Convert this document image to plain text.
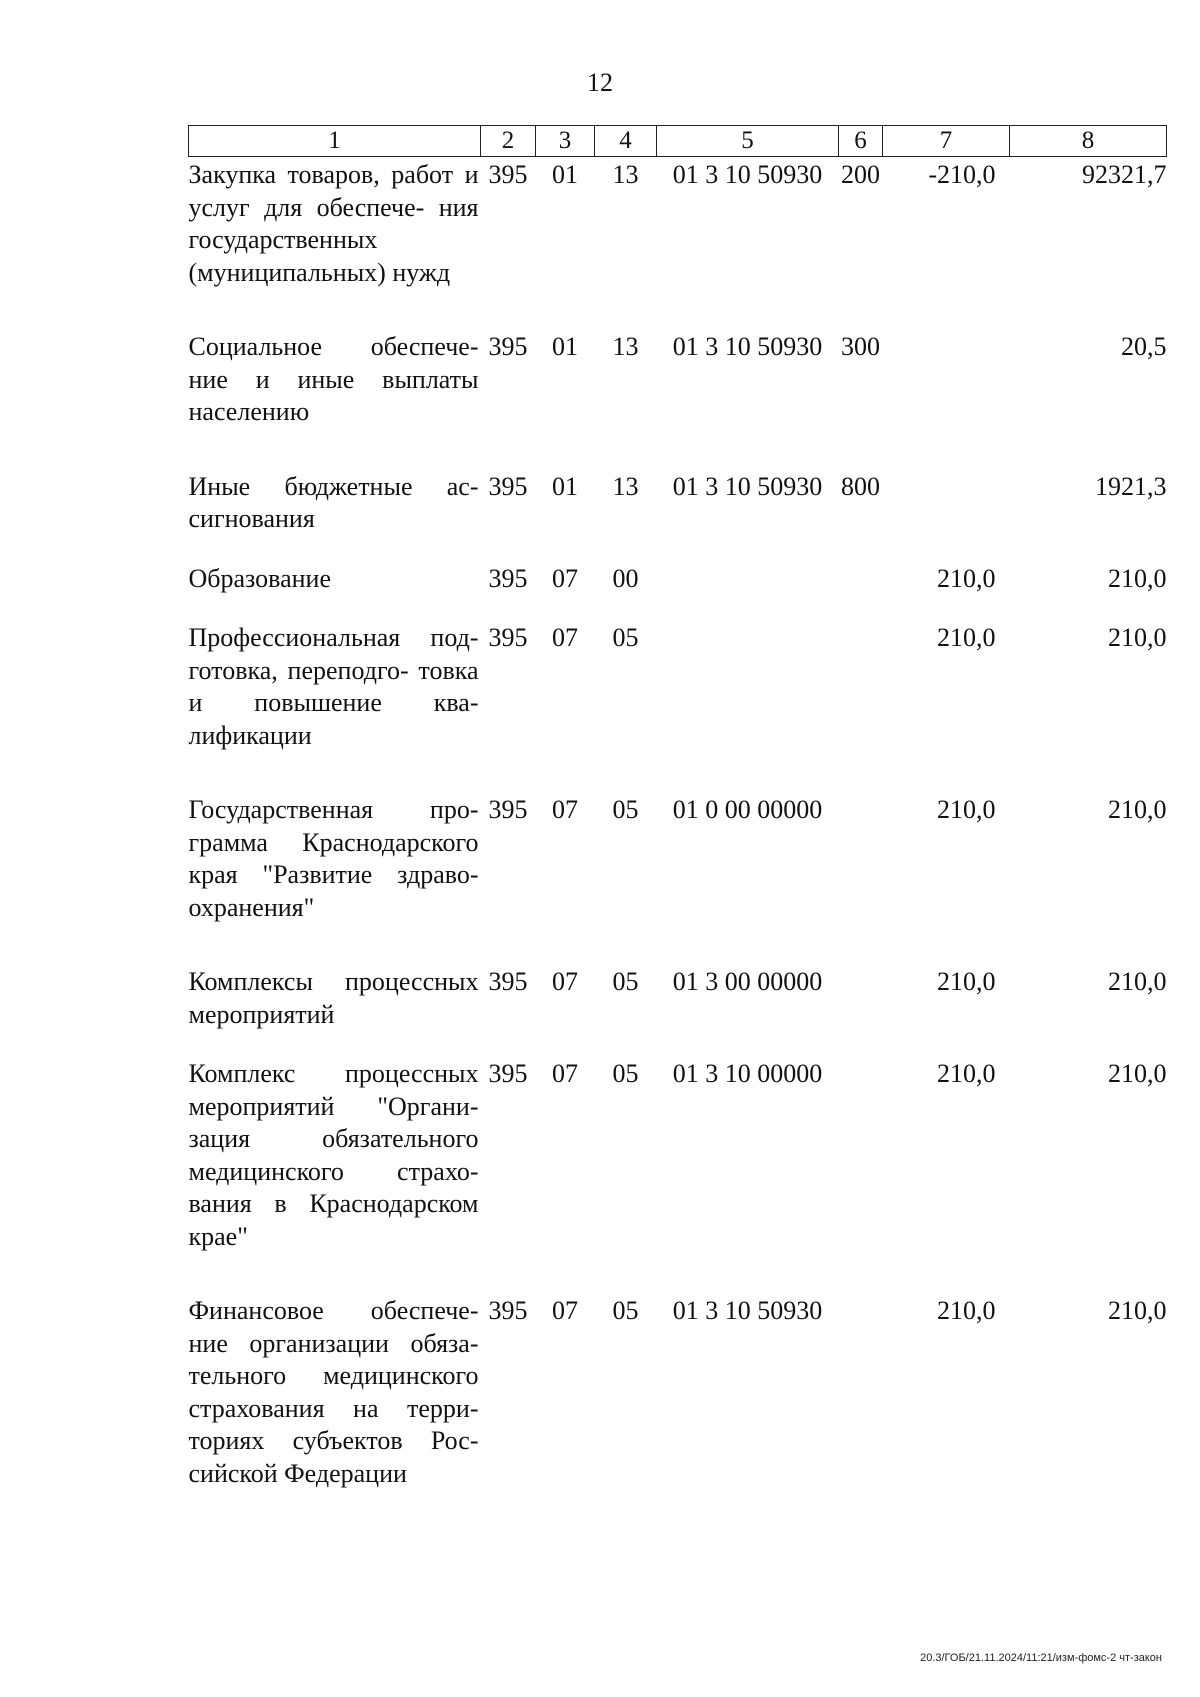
12
1	2	3	4	5	6	7	8
Закупка товаров, работ и услуг для обеспече- ния государственных (муниципальных) нужд	395	01	13	01 3 10 50930	200	-210,0	92321,7
Социальное обеспече- ние и иные выплаты населению	395	01	13	01 3 10 50930	300		20,5
Иные бюджетные ас- сигнования	395	01	13	01 3 10 50930	800		1921,3
Образование	395	07	00			210,0	210,0
Профессиональная под- готовка, переподго- товка и повышение ква- лификации	395	07	05			210,0	210,0
Государственная про- грамма Краснодарского края "Развитие здраво- охранения"	395	07	05	01 0 00 00000		210,0	210,0
Комплексы процессных мероприятий	395	07	05	01 3 00 00000		210,0	210,0
Комплекс процессных мероприятий "Органи- зация обязательного медицинского страхо- вания в Краснодарском крае"	395	07	05	01 3 10 00000		210,0	210,0
Финансовое обеспече- ние организации обяза- тельного медицинского страхования на терри- ториях субъектов Рос- сийской Федерации	395	07	05	01 3 10 50930		210,0	210,0
20.3/ГОБ/21.11.2024/11:21/изм-фомс-2 чт-закон
